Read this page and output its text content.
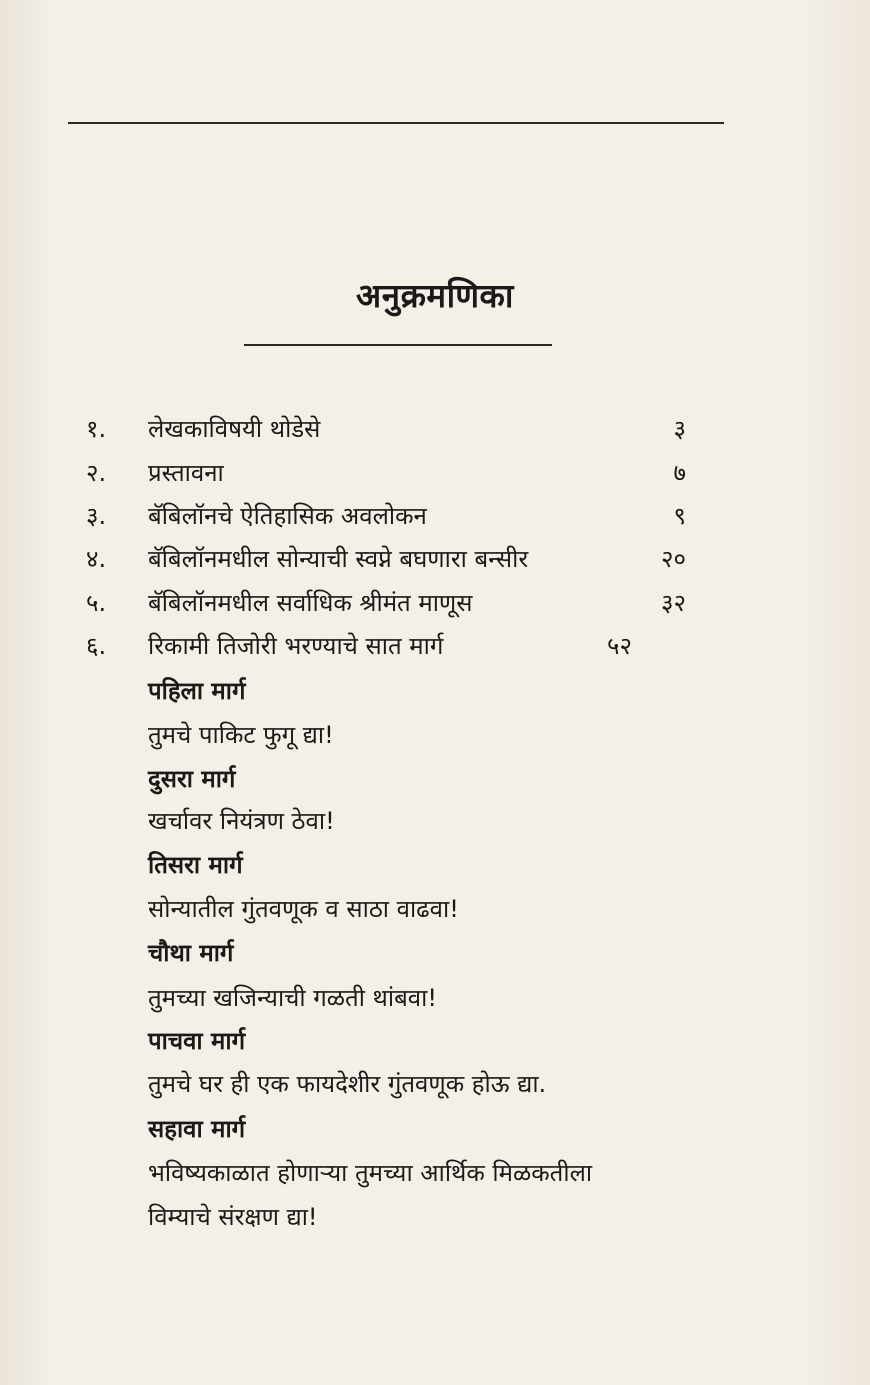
अनुक्रमणिका
१. लेखकाविषयी थोडेसे	३
२. प्रस्तावना	७
३. बॅबिलॉनचे ऐतिहासिक अवलोकन	९
४. बॅबिलॉनमधील सोन्याची स्वप्ने बघणारा बन्सीर	२०
५. बॅबिलॉनमधील सर्वाधिक श्रीमंत माणूस	३२
६. रिकामी तिजोरी भरण्याचे सात मार्ग	५२
पहिला मार्ग
तुमचे पाकिट फुगू द्या!
दुसरा मार्ग
खर्चावर नियंत्रण ठेवा!
तिसरा मार्ग
सोन्यातील गुंतवणूक व साठा वाढवा!
चौथा मार्ग
तुमच्या खजिन्याची गळती थांबवा!
पाचवा मार्ग
तुमचे घर ही एक फायदेशीर गुंतवणूक होऊ द्या.
सहावा मार्ग
भविष्यकाळात होणाऱ्या तुमच्या आर्थिक मिळकतीला
विम्याचे संरक्षण द्या!
